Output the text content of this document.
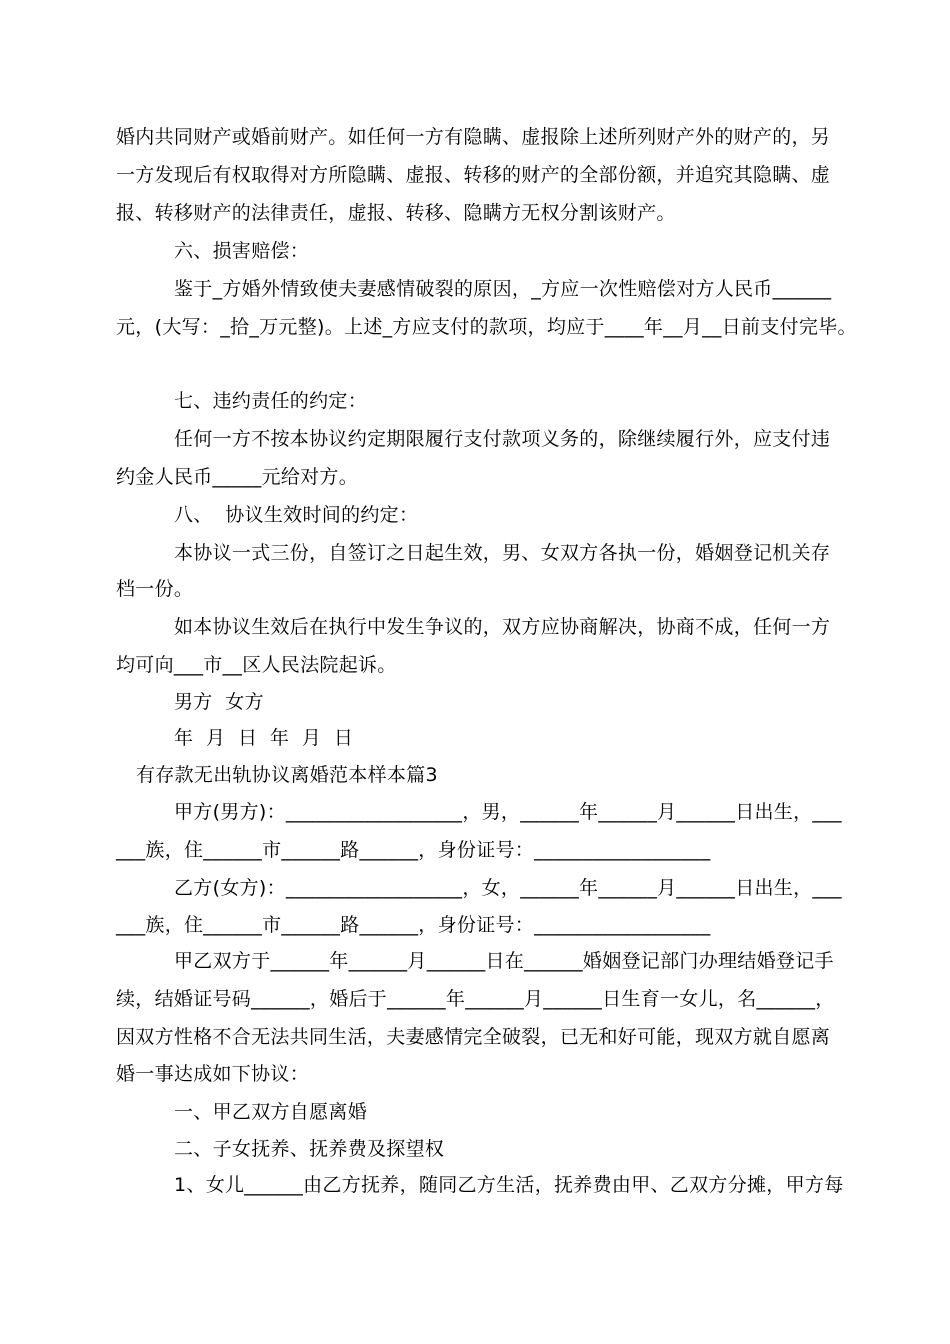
婚内共同财产或婚前财产。如任何一方有隐瞒、虚报除上述所列财产外的财产的，另
一方发现后有权取得对方所隐瞒、虚报、转移的财产的全部份额，并追究其隐瞒、虚
报、转移财产的法律责任，虚报、转移、隐瞒方无权分割该财产。
六、损害赔偿：
鉴于_方婚外情致使夫妻感情破裂的原因，_方应一次性赔偿对方人民币______
元，(大写：_拾_万元整)。上述_方应支付的款项，均应于____年__月__日前支付完毕。
七、违约责任的约定：
任何一方不按本协议约定期限履行支付款项义务的，除继续履行外，应支付违
约金人民币_____元给对方。
八、  协议生效时间的约定：
本协议一式三份，自签订之日起生效，男、女双方各执一份，婚姻登记机关存
档一份。
如本协议生效后在执行中发生争议的，双方应协商解决，协商不成，任何一方
均可向___市__区人民法院起诉。
男方  女方
年  月  日  年  月  日
有存款无出轨协议离婚范本样本篇3
甲方(男方)：__________________，男，______年______月______日出生，___
___族，住______市______路______，身份证号：__________________
乙方(女方)：__________________，女，______年______月______日出生，___
___族，住______市______路______，身份证号：__________________
甲乙双方于______年______月______日在______婚姻登记部门办理结婚登记手
续，结婚证号码______，婚后于______年______月______日生育一女儿，名______，
因双方性格不合无法共同生活，夫妻感情完全破裂，已无和好可能，现双方就自愿离
婚一事达成如下协议：
一、甲乙双方自愿离婚
二、子女抚养、抚养费及探望权
1、女儿______由乙方抚养，随同乙方生活，抚养费由甲、乙双方分摊，甲方每
